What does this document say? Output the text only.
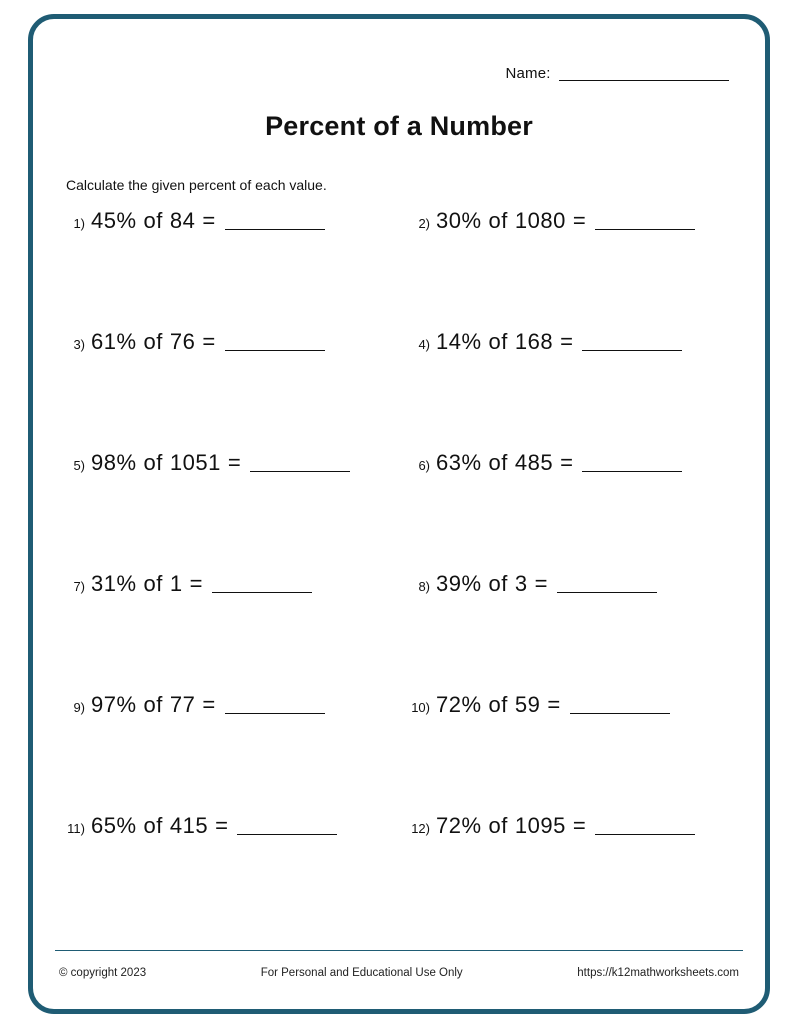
Name:
Percent of a Number
Calculate the given percent of each value.
1) 45% of 84 =	2) 30% of 1080 =
3) 61% of 76 =	4) 14% of 168 =
5) 98% of 1051 =	6) 63% of 485 =
7) 31% of 1 =	8) 39% of 3 =
9) 97% of 77 =	10) 72% of 59 =
11) 65% of 415 =	12) 72% of 1095 =
© copyright 2023	For Personal and Educational Use Only	https://k12mathworksheets.com
